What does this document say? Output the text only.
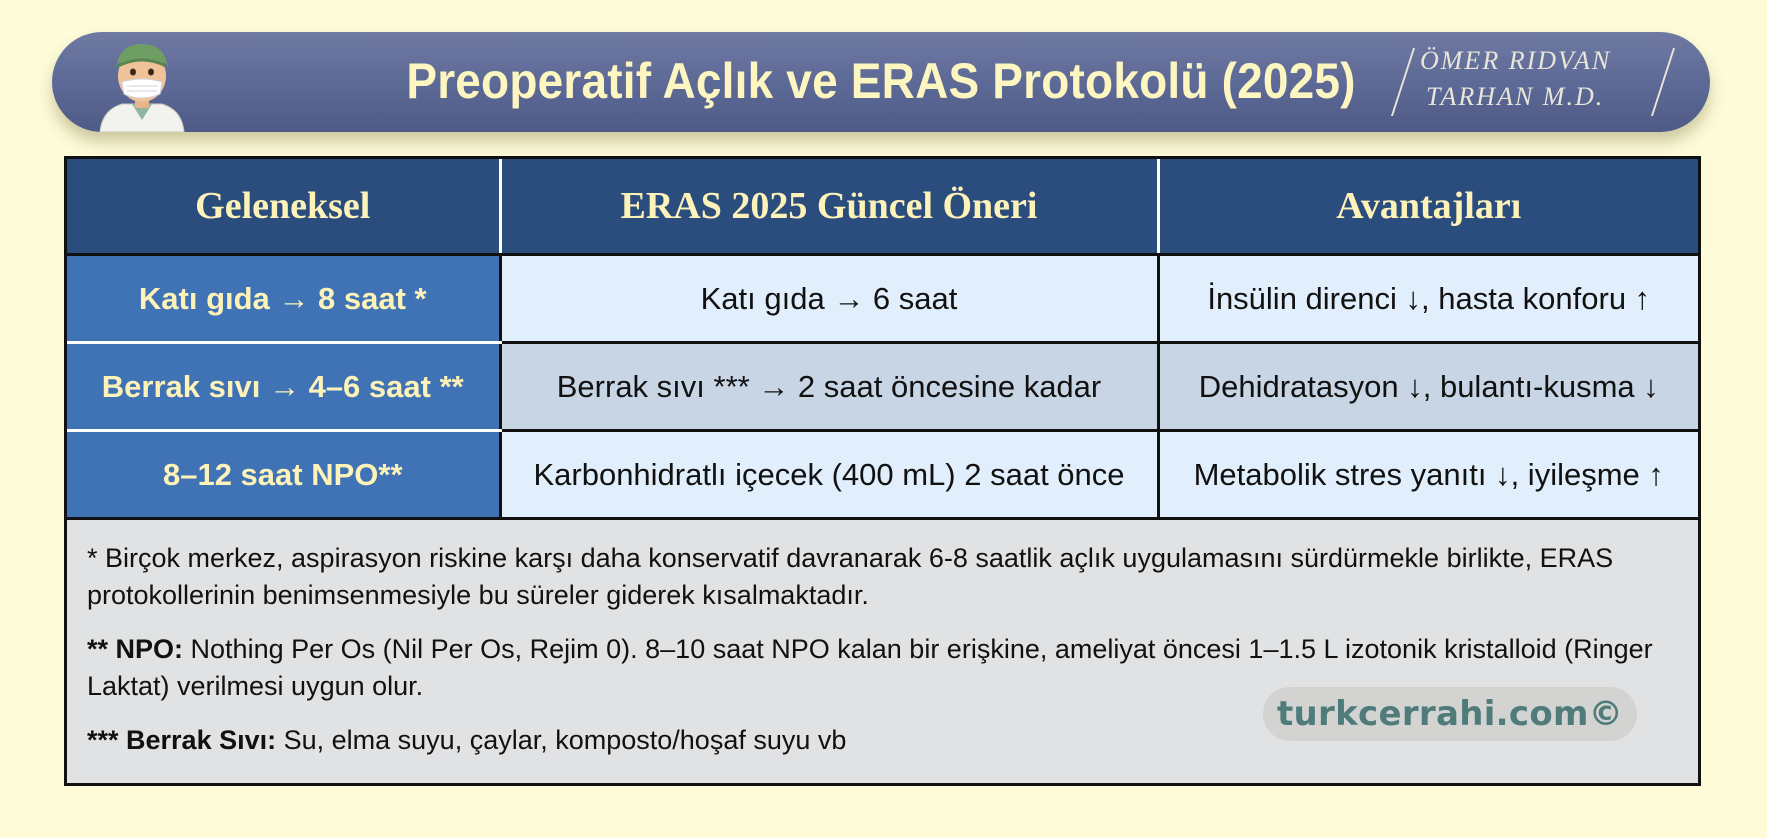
Preoperatif Açlık ve ERAS Protokolü (2025)	ÖMER RIDVAN
TARHAN M.D.
Geleneksel	ERAS 2025 Güncel Öneri	Avantajları
Katı gıda → 8 saat *	Katı gıda → 6 saat	İnsülin direnci ↓, hasta konforu ↑
Berrak sıvı → 4–6 saat **	Berrak sıvı *** → 2 saat öncesine kadar	Dehidratasyon ↓, bulantı-kusma ↓
8–12 saat NPO**	Karbonhidratlı içecek (400 mL) 2 saat önce	Metabolik stres yanıtı ↓, iyileşme ↑
* Birçok merkez, aspirasyon riskine karşı daha konservatif davranarak 6-8 saatlik açlık uygulamasını sürdürmekle birlikte, ERAS protokollerinin benimsenmesiyle bu süreler giderek kısalmaktadır.
** NPO: Nothing Per Os (Nil Per Os, Rejim 0). 8–10 saat NPO kalan bir erişkine, ameliyat öncesi 1–1.5 L izotonik kristalloid (Ringer Laktat) verilmesi uygun olur.
*** Berrak Sıvı: Su, elma suyu, çaylar, komposto/hoşaf suyu vb
turkcerrahi.com©
